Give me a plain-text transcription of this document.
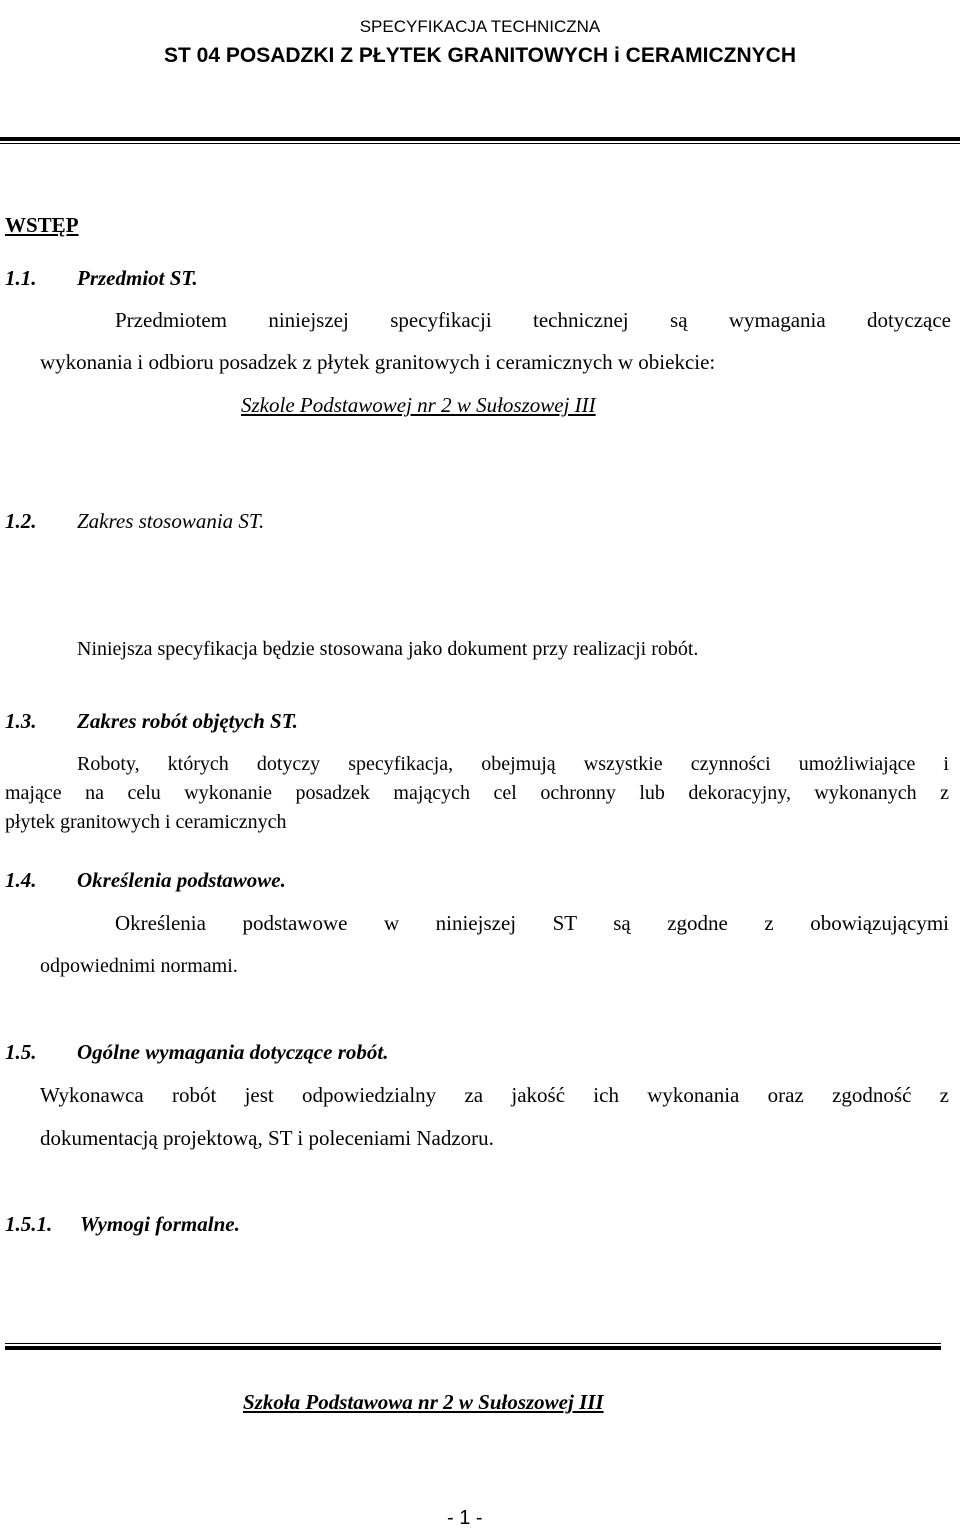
SPECYFIKACJA TECHNICZNA
ST 04 POSADZKI Z PŁYTEK GRANITOWYCH i CERAMICZNYCH
WSTĘP
1.1. Przedmiot ST.
Przedmiotem niniejszej specyfikacji technicznej są wymagania dotyczące
wykonania i odbioru posadzek z płytek granitowych i ceramicznych w obiekcie:
Szkole Podstawowej nr 2 w Sułoszowej III
1.2. Zakres stosowania ST.
Niniejsza specyfikacja będzie stosowana jako dokument przy realizacji robót.
1.3. Zakres robót objętych ST.
Roboty, których dotyczy specyfikacja, obejmują wszystkie czynności umożliwiające i
mające na celu wykonanie posadzek mających cel ochronny lub dekoracyjny, wykonanych z
płytek granitowych i ceramicznych
1.4. Określenia podstawowe.
Określenia podstawowe w niniejszej ST są zgodne z obowiązującymi
odpowiednimi normami.
1.5. Ogólne wymagania dotyczące robót.
Wykonawca robót jest odpowiedzialny za jakość ich wykonania oraz zgodność z
dokumentacją projektową, ST i poleceniami Nadzoru.
1.5.1. Wymogi formalne.
Szkoła Podstawowa nr 2 w Sułoszowej III
- 1 -
